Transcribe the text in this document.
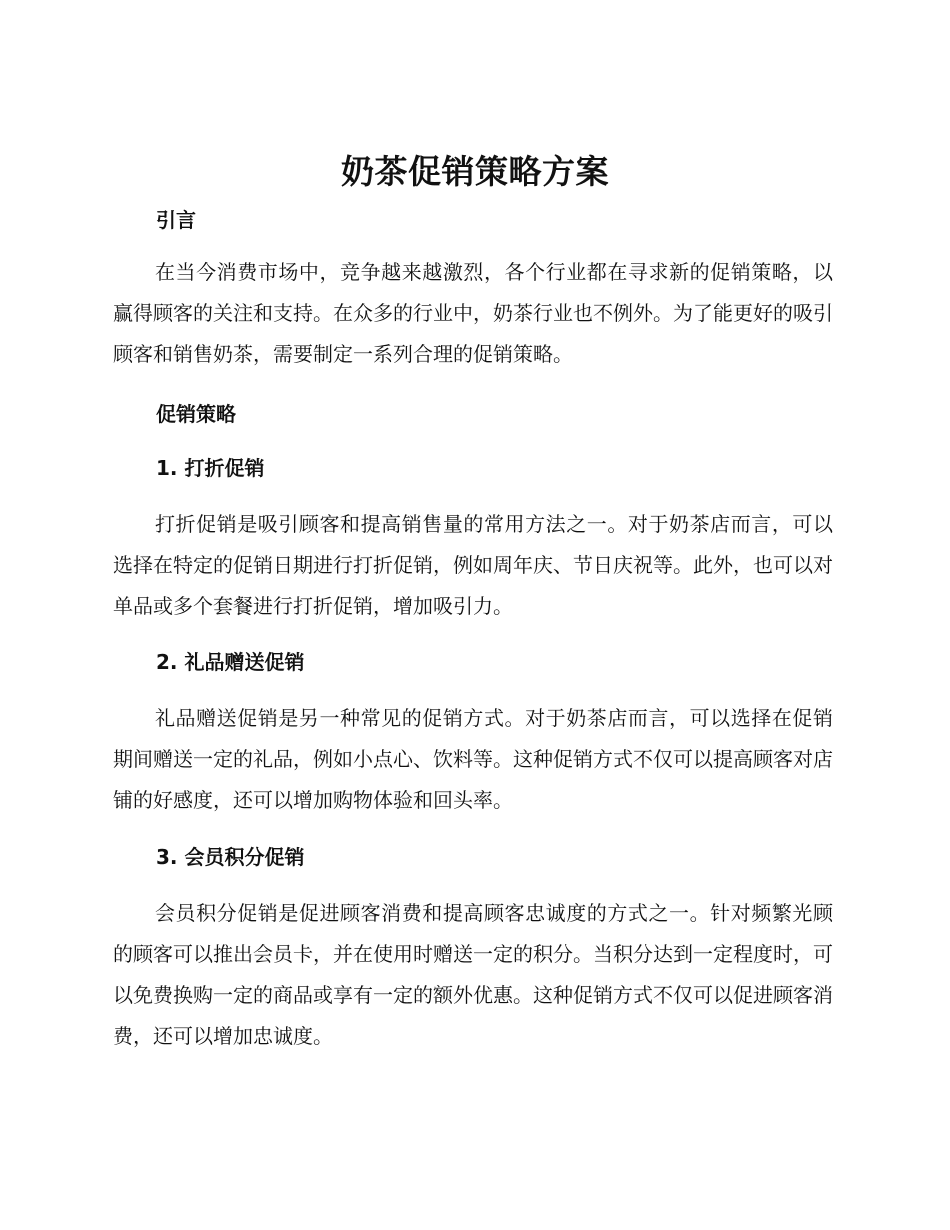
奶茶促销策略方案
引言

在当今消费市场中，竞争越来越激烈，各个行业都在寻求新的促销策略，以赢得顾客的关注和支持。在众多的行业中，奶茶行业也不例外。为了能更好的吸引顾客和销售奶茶，需要制定一系列合理的促销策略。

促销策略
1. 打折促销

打折促销是吸引顾客和提高销售量的常用方法之一。对于奶茶店而言，可以选择在特定的促销日期进行打折促销，例如周年庆、节日庆祝等。此外，也可以对单品或多个套餐进行打折促销，增加吸引力。

2. 礼品赠送促销

礼品赠送促销是另一种常见的促销方式。对于奶茶店而言，可以选择在促销期间赠送一定的礼品，例如小点心、饮料等。这种促销方式不仅可以提高顾客对店铺的好感度，还可以增加购物体验和回头率。

3. 会员积分促销

会员积分促销是促进顾客消费和提高顾客忠诚度的方式之一。针对频繁光顾的顾客可以推出会员卡，并在使用时赠送一定的积分。当积分达到一定程度时，可以免费换购一定的商品或享有一定的额外优惠。这种促销方式不仅可以促进顾客消费，还可以增加忠诚度。
